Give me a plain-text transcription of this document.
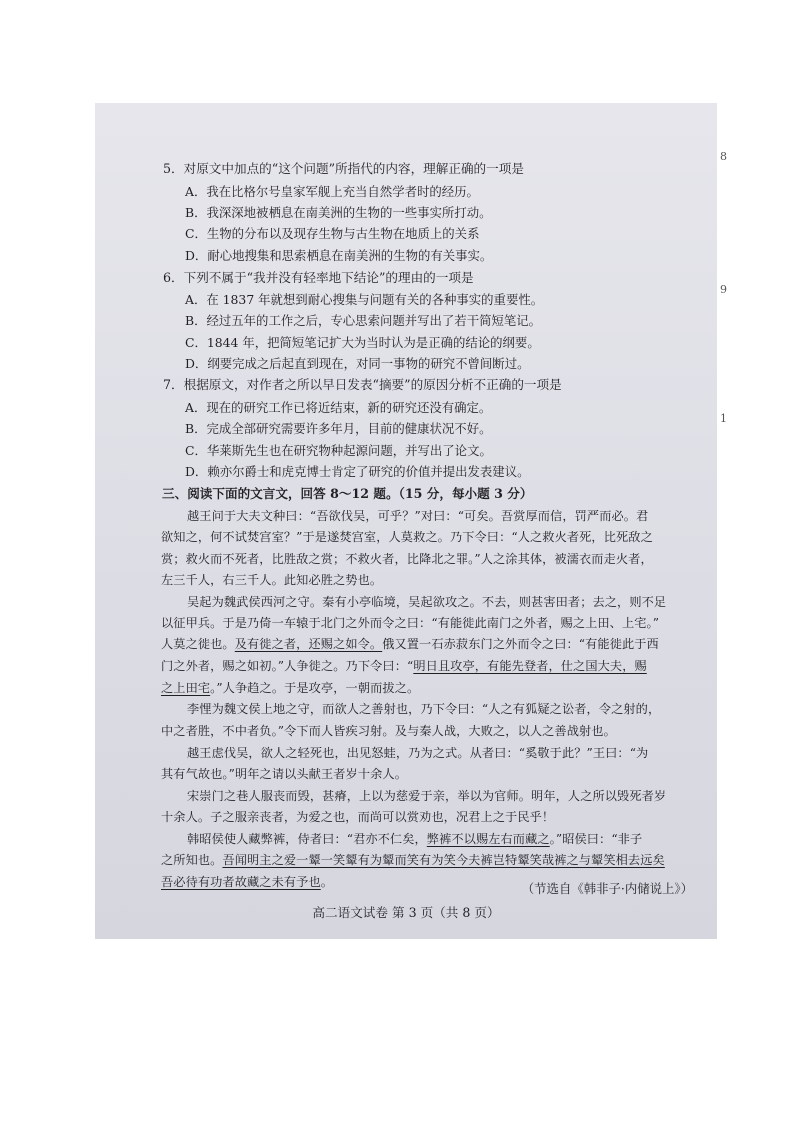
5．对原文中加点的“这个问题”所指代的内容，理解正确的一项是
A．我在比格尔号皇家军舰上充当自然学者时的经历。
B．我深深地被栖息在南美洲的生物的一些事实所打动。
C．生物的分布以及现存生物与古生物在地质上的关系
D．耐心地搜集和思索栖息在南美洲的生物的有关事实。
6．下列不属于“我并没有轻率地下结论”的理由的一项是
A．在 1837 年就想到耐心搜集与问题有关的各种事实的重要性。
B．经过五年的工作之后，专心思索问题并写出了若干简短笔记。
C．1844 年，把简短笔记扩大为当时认为是正确的结论的纲要。
D．纲要完成之后起直到现在，对同一事物的研究不曾间断过。
7．根据原文，对作者之所以早日发表“摘要”的原因分析不正确的一项是
A．现在的研究工作已将近结束，新的研究还没有确定。
B．完成全部研究需要许多年月，目前的健康状况不好。
C．华莱斯先生也在研究物种起源问题，并写出了论文。
D．赖亦尔爵士和虎克博士肯定了研究的价值并提出发表建议。
三、阅读下面的文言文，回答 8～12 题。（15 分，每小题 3 分）
越王问于大夫文种曰：“吾欲伐吴，可乎？”对曰：“可矣。吾赏厚而信，罚严而必。君
欲知之，何不试焚宫室？”于是遂焚宫室，人莫救之。乃下令曰：“人之救火者死，比死敌之
赏；救火而不死者，比胜敌之赏；不救火者，比降北之罪。”人之涂其体，被濡衣而走火者，
左三千人，右三千人。此知必胜之势也。
吴起为魏武侯西河之守。秦有小亭临境，吴起欲攻之。不去，则甚害田者；去之，则不足
以征甲兵。于是乃倚一车辕于北门之外而令之曰：“有能徙此南门之外者，赐之上田、上宅。”
人莫之徙也。及有徙之者，还赐之如令。俄又置一石赤菽东门之外而令之曰：“有能徙此于西
门之外者，赐之如初。”人争徙之。乃下令曰：“明日且攻亭，有能先登者，仕之国大夫，赐
之上田宅。”人争趋之。于是攻亭，一朝而拔之。
李悝为魏文侯上地之守，而欲人之善射也，乃下令曰：“人之有狐疑之讼者，令之射的，
中之者胜，不中者负。”令下而人皆疾习射。及与秦人战，大败之，以人之善战射也。
越王虑伐吴，欲人之轻死也，出见怒蛙，乃为之式。从者曰：“奚敬于此？”王曰：“为
其有气故也。”明年之请以头献王者岁十余人。
宋崇门之巷人服丧而毁，甚瘠，上以为慈爱于亲，举以为官师。明年，人之所以毁死者岁
十余人。子之服亲丧者，为爱之也，而尚可以赏劝也，况君上之于民乎！
韩昭侯使人藏弊裤，侍者曰：“君亦不仁矣，弊裤不以赐左右而藏之。”昭侯曰：“非子
之所知也。吾闻明主之爱一颦一笑颦有为颦而笑有为笑今夫裤岂特颦笑哉裤之与颦笑相去远矣
吾必待有功者故藏之未有予也。	（节选自《韩非子·内储说上》）
高二语文试卷 第 3 页（共 8 页）
8
9
1
